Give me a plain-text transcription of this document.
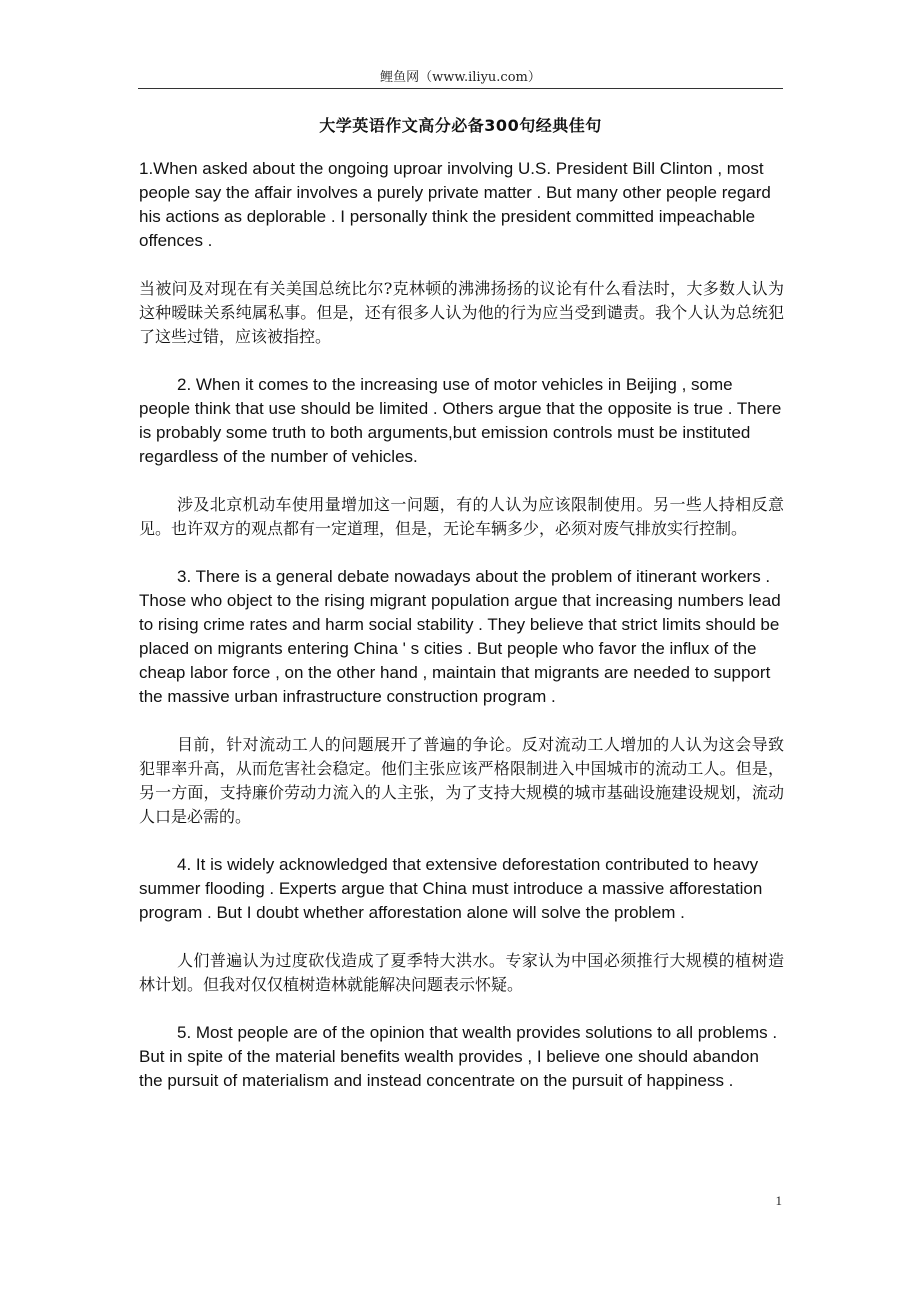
鲤鱼网（www.iliyu.com）
大学英语作文高分必备300句经典佳句

1.When asked about the ongoing uproar involving U.S. President Bill Clinton , most people say the affair involves a purely private matter . But many other people regard his actions as deplorable . I personally think the president committed impeachable offences .

当被问及对现在有关美国总统比尔?克林顿的沸沸扬扬的议论有什么看法时，大多数人认为这种暧昧关系纯属私事。但是，还有很多人认为他的行为应当受到谴责。我个人认为总统犯了这些过错，应该被指控。

2. When it comes to the increasing use of motor vehicles in Beijing , some people think that use should be limited . Others argue that the opposite is true . There is probably some truth to both arguments,but emission controls must be instituted regardless of the number of vehicles.

涉及北京机动车使用量增加这一问题，有的人认为应该限制使用。另一些人持相反意见。也许双方的观点都有一定道理，但是，无论车辆多少，必须对废气排放实行控制。

3. There is a general debate nowadays about the problem of itinerant workers . Those who object to the rising migrant population argue that increasing numbers lead to rising crime rates and harm social stability . They believe that strict limits should be placed on migrants entering China ' s cities . But people who favor the influx of the cheap labor force , on the other hand , maintain that migrants are needed to support the massive urban infrastructure construction program .

目前，针对流动工人的问题展开了普遍的争论。反对流动工人增加的人认为这会导致犯罪率升高，从而危害社会稳定。他们主张应该严格限制进入中国城市的流动工人。但是，另一方面，支持廉价劳动力流入的人主张，为了支持大规模的城市基础设施建设规划，流动人口是必需的。

4. It is widely acknowledged that extensive deforestation contributed to heavy summer flooding . Experts argue that China must introduce a massive afforestation program . But I doubt whether afforestation alone will solve the problem .

人们普遍认为过度砍伐造成了夏季特大洪水。专家认为中国必须推行大规模的植树造林计划。但我对仅仅植树造林就能解决问题表示怀疑。

5. Most people are of the opinion that wealth provides solutions to all problems . But in spite of the material benefits wealth provides , I believe one should abandon the pursuit of materialism and instead concentrate on the pursuit of happiness .

1
